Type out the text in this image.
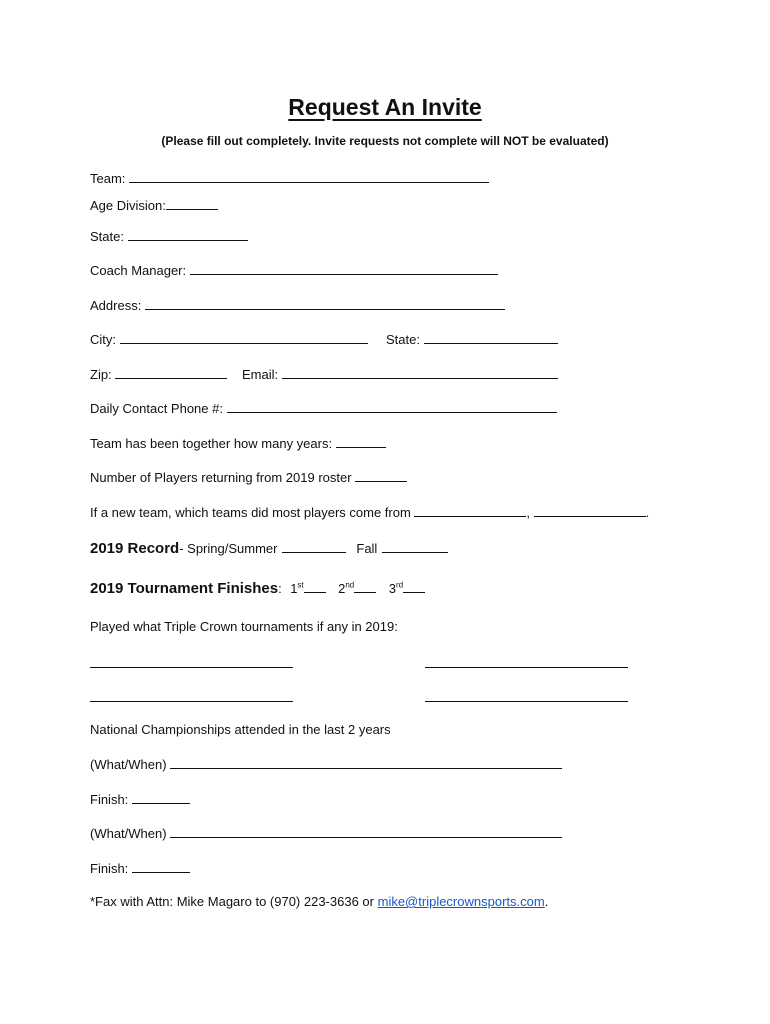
Request An Invite
(Please fill out completely. Invite requests not complete will NOT be evaluated)
Team:
Age Division:
State:
Coach Manager:
Address:
City:	State:
Zip:	Email:
Daily Contact Phone #:
Team has been together how many years:
Number of Players returning from 2019 roster
If a new team, which teams did most players come from	,	.
2019 Record- Spring/Summer	Fall
2019 Tournament Finishes: 1st	2nd	3rd
Played what Triple Crown tournaments if any in 2019:
National Championships attended in the last 2 years
(What/When)
Finish:
(What/When)
Finish:
*Fax with Attn: Mike Magaro to (970) 223-3636 or mike@triplecrownsports.com.
